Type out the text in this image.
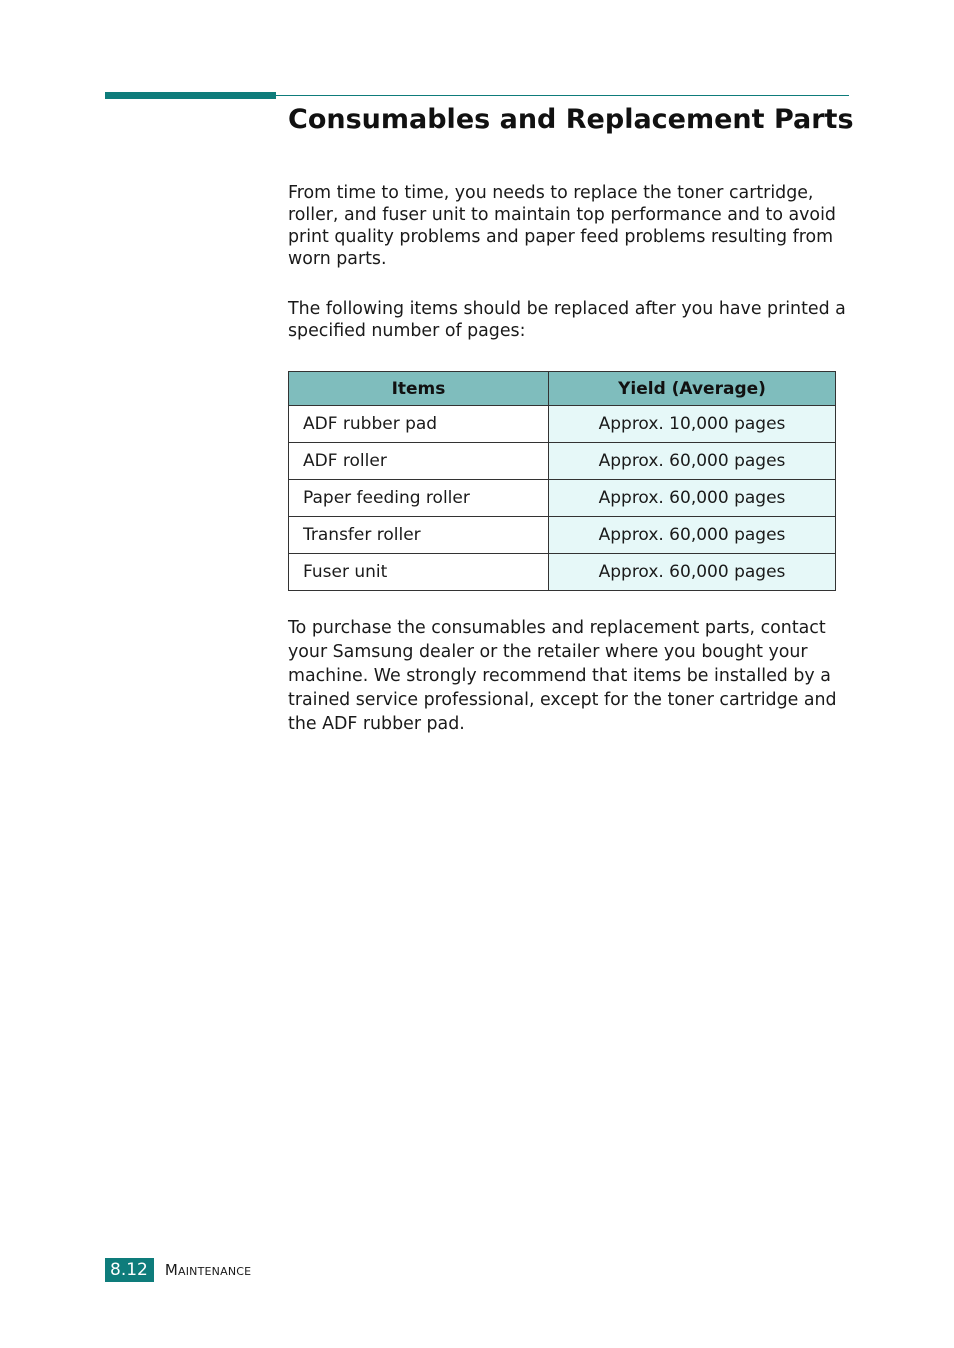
Consumables and Replacement Parts

From time to time, you needs to replace the toner cartridge, roller, and fuser unit to maintain top performance and to avoid print quality problems and paper feed problems resulting from worn parts.

The following items should be replaced after you have printed a specified number of pages:

Items	Yield (Average)
ADF rubber pad	Approx. 10,000 pages
ADF roller	Approx. 60,000 pages
Paper feeding roller	Approx. 60,000 pages
Transfer roller	Approx. 60,000 pages
Fuser unit	Approx. 60,000 pages

To purchase the consumables and replacement parts, contact your Samsung dealer or the retailer where you bought your machine. We strongly recommend that items be installed by a trained service professional, except for the toner cartridge and the ADF rubber pad.

8.12	Maintenance
